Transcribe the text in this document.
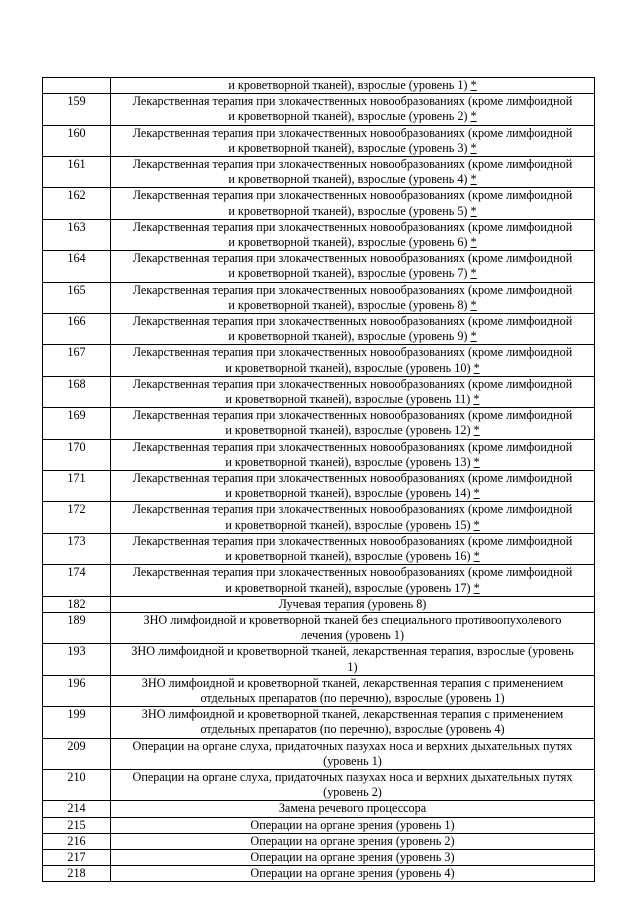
	и кроветворной тканей), взрослые (уровень 1) *
159	Лекарственная терапия при злокачественных новообразованиях (кроме лимфоидной
и кроветворной тканей), взрослые (уровень 2) *
160	Лекарственная терапия при злокачественных новообразованиях (кроме лимфоидной
и кроветворной тканей), взрослые (уровень 3) *
161	Лекарственная терапия при злокачественных новообразованиях (кроме лимфоидной
и кроветворной тканей), взрослые (уровень 4) *
162	Лекарственная терапия при злокачественных новообразованиях (кроме лимфоидной
и кроветворной тканей), взрослые (уровень 5) *
163	Лекарственная терапия при злокачественных новообразованиях (кроме лимфоидной
и кроветворной тканей), взрослые (уровень 6) *
164	Лекарственная терапия при злокачественных новообразованиях (кроме лимфоидной
и кроветворной тканей), взрослые (уровень 7) *
165	Лекарственная терапия при злокачественных новообразованиях (кроме лимфоидной
и кроветворной тканей), взрослые (уровень 8) *
166	Лекарственная терапия при злокачественных новообразованиях (кроме лимфоидной
и кроветворной тканей), взрослые (уровень 9) *
167	Лекарственная терапия при злокачественных новообразованиях (кроме лимфоидной
и кроветворной тканей), взрослые (уровень 10) *
168	Лекарственная терапия при злокачественных новообразованиях (кроме лимфоидной
и кроветворной тканей), взрослые (уровень 11) *
169	Лекарственная терапия при злокачественных новообразованиях (кроме лимфоидной
и кроветворной тканей), взрослые (уровень 12) *
170	Лекарственная терапия при злокачественных новообразованиях (кроме лимфоидной
и кроветворной тканей), взрослые (уровень 13) *
171	Лекарственная терапия при злокачественных новообразованиях (кроме лимфоидной
и кроветворной тканей), взрослые (уровень 14) *
172	Лекарственная терапия при злокачественных новообразованиях (кроме лимфоидной
и кроветворной тканей), взрослые (уровень 15) *
173	Лекарственная терапия при злокачественных новообразованиях (кроме лимфоидной
и кроветворной тканей), взрослые (уровень 16) *
174	Лекарственная терапия при злокачественных новообразованиях (кроме лимфоидной
и кроветворной тканей), взрослые (уровень 17) *
182	Лучевая терапия (уровень 8)
189	ЗНО лимфоидной и кроветворной тканей без специального противоопухолевого
лечения (уровень 1)
193	ЗНО лимфоидной и кроветворной тканей, лекарственная терапия, взрослые (уровень
1)
196	ЗНО лимфоидной и кроветворной тканей, лекарственная терапия с применением
отдельных препаратов (по перечню), взрослые (уровень 1)
199	ЗНО лимфоидной и кроветворной тканей, лекарственная терапия с применением
отдельных препаратов (по перечню), взрослые (уровень 4)
209	Операции на органе слуха, придаточных пазухах носа и верхних дыхательных путях
(уровень 1)
210	Операции на органе слуха, придаточных пазухах носа и верхних дыхательных путях
(уровень 2)
214	Замена речевого процессора
215	Операции на органе зрения (уровень 1)
216	Операции на органе зрения (уровень 2)
217	Операции на органе зрения (уровень 3)
218	Операции на органе зрения (уровень 4)
